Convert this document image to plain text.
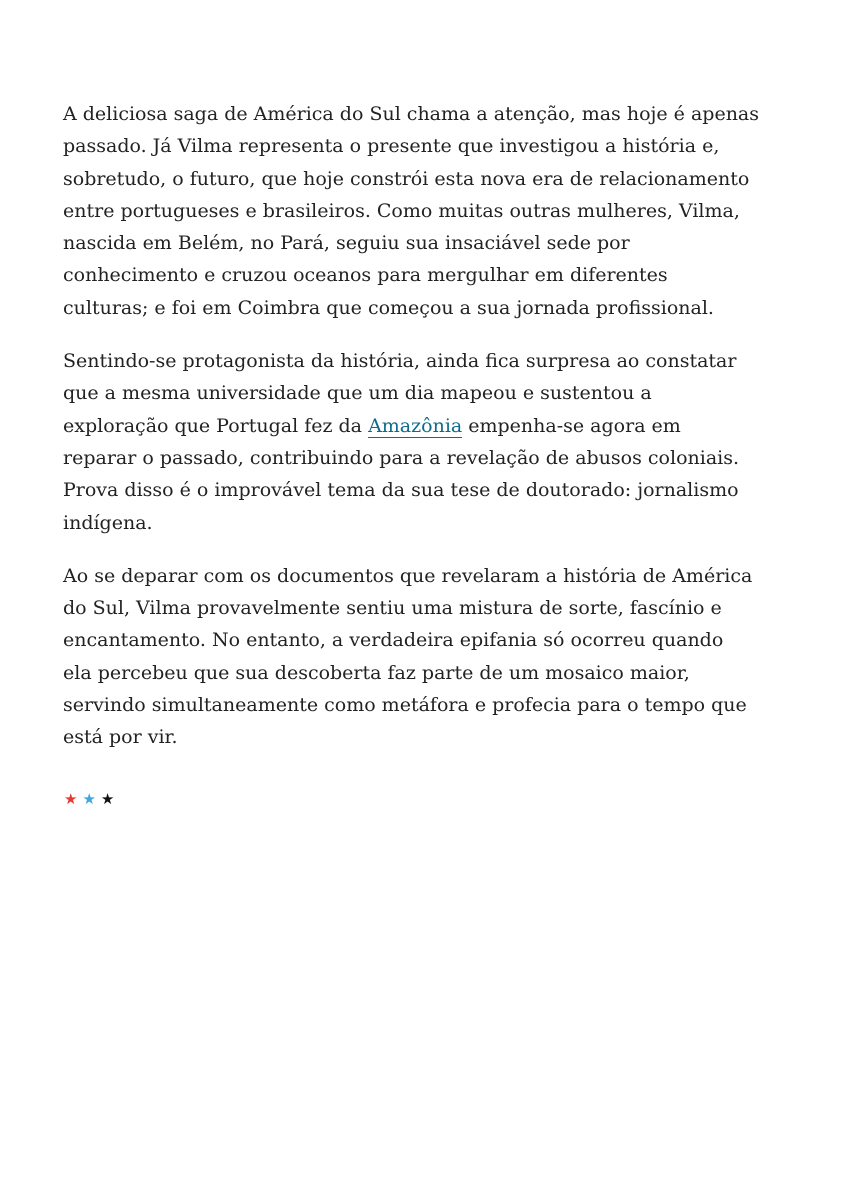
A deliciosa saga de América do Sul chama a atenção, mas hoje é apenas
passado. Já Vilma representa o presente que investigou a história e,
sobretudo, o futuro, que hoje constrói esta nova era de relacionamento
entre portugueses e brasileiros. Como muitas outras mulheres, Vilma,
nascida em Belém, no Pará, seguiu sua insaciável sede por
conhecimento e cruzou oceanos para mergulhar em diferentes
culturas; e foi em Coimbra que começou a sua jornada profissional.

Sentindo-se protagonista da história, ainda fica surpresa ao constatar
que a mesma universidade que um dia mapeou e sustentou a
exploração que Portugal fez da Amazônia empenha-se agora em
reparar o passado, contribuindo para a revelação de abusos coloniais.
Prova disso é o improvável tema da sua tese de doutorado: jornalismo
indígena.

Ao se deparar com os documentos que revelaram a história de América
do Sul, Vilma provavelmente sentiu uma mistura de sorte, fascínio e
encantamento. No entanto, a verdadeira epifania só ocorreu quando
ela percebeu que sua descoberta faz parte de um mosaico maior,
servindo simultaneamente como metáfora e profecia para o tempo que
está por vir.

★★★
